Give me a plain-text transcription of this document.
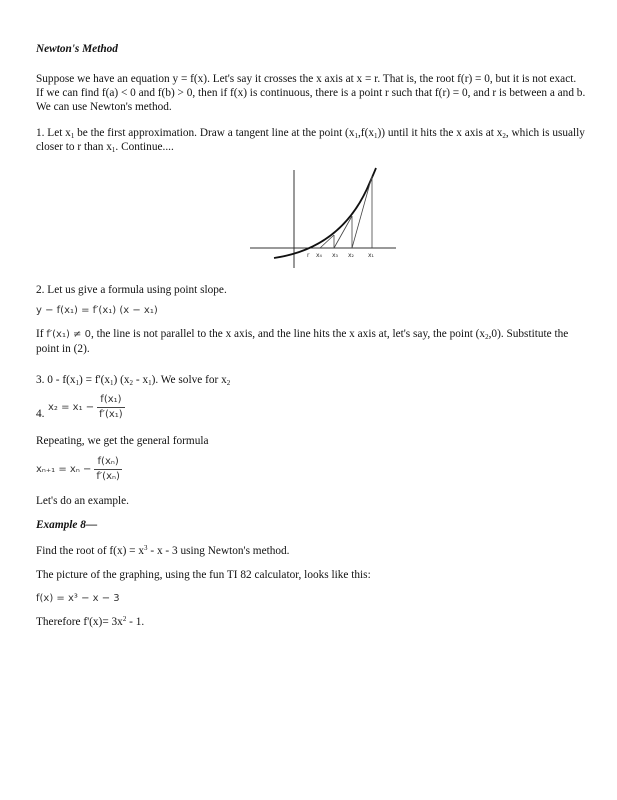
Newton's Method

Suppose we have an equation y = f(x). Let's say it crosses the x axis at x = r. That is, the root f(r) = 0, but it is not exact. If we can find f(a) < 0 and f(b) > 0, then if f(x) is continuous, there is a point r such that f(r) = 0, and r is between a and b. We can use Newton's method.

1. Let $x_1$ be the first approximation. Draw a tangent line at the point $(x_1,f(x_1))$ until it hits the x axis at $x_2$, which is usually closer to r than $x_1$. Continue....

r x₄ x₃ x₂ x₁

2. Let us give a formula using point slope.

y − f(x₁) = f′(x₁) (x − x₁)

If f′(x₁) ≠ 0, the line is not parallel to the x axis, and the line hits the x axis at, let's say, the point $(x_2,0)$. Substitute the point in (2).

3. $0 - f(x_1) = f'(x_1)$ $(x_2 - x_1)$. We solve for $x_2$

4.
$x_2 = x_1 - \frac{\text{f(x₁)}}{\text{f′(x₁)}}$

Repeating, we get the general formula

$x_{n+1} = x_n - \frac{\text{f(xₙ)}}{\text{f′(xₙ)}}$

Let's do an example.

Example 8—

Find the root of $f(x) = x^3 - x - 3$ using Newton's method.

The picture of the graphing, using the fun TI 82 calculator, looks like this:

f(x) = x³ − x − 3

Therefore $f'(x)= 3x^2 - 1$.
